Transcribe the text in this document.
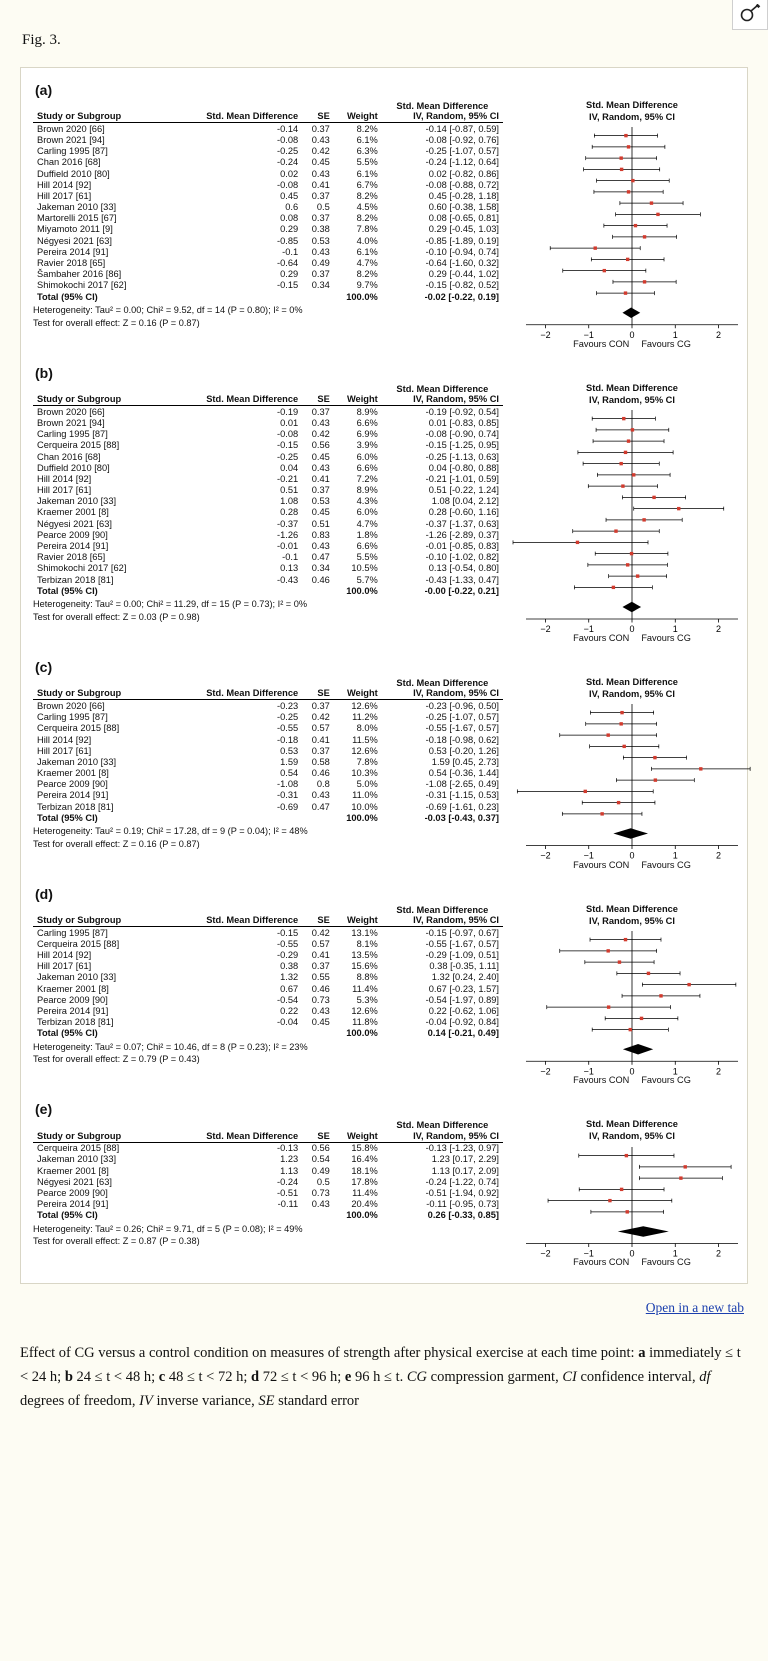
Fig. 3.
(a)
				Std. Mean Difference
Study or Subgroup	Std. Mean Difference	SE	Weight	IV, Random, 95% CI
Brown 2020 [66]	-0.14	0.37	8.2%	-0.14 [-0.87, 0.59]
Brown 2021 [94]	-0.08	0.43	6.1%	-0.08 [-0.92, 0.76]
Carling 1995 [87]	-0.25	0.42	6.3%	-0.25 [-1.07, 0.57]
Chan 2016 [68]	-0.24	0.45	5.5%	-0.24 [-1.12, 0.64]
Duffield 2010 [80]	0.02	0.43	6.1%	0.02 [-0.82, 0.86]
Hill 2014 [92]	-0.08	0.41	6.7%	-0.08 [-0.88, 0.72]
Hill 2017 [61]	0.45	0.37	8.2%	0.45 [-0.28, 1.18]
Jakeman 2010 [33]	0.6	0.5	4.5%	0.60 [-0.38, 1.58]
Martorelli 2015 [67]	0.08	0.37	8.2%	0.08 [-0.65, 0.81]
Miyamoto 2011 [9]	0.29	0.38	7.8%	0.29 [-0.45, 1.03]
Négyesi 2021 [63]	-0.85	0.53	4.0%	-0.85 [-1.89, 0.19]
Pereira 2014 [91]	-0.1	0.43	6.1%	-0.10 [-0.94, 0.74]
Ravier 2018 [65]	-0.64	0.49	4.7%	-0.64 [-1.60, 0.32]
Šambaher 2016 [86]	0.29	0.37	8.2%	0.29 [-0.44, 1.02]
Shimokochi 2017 [62]	-0.15	0.34	9.7%	-0.15 [-0.82, 0.52]
Total (95% CI)			100.0%	-0.02 [-0.22, 0.19]
Heterogeneity: Tau² = 0.00; Chi² = 9.52, df = 14 (P = 0.80); I² = 0%
Test for overall effect: Z = 0.16 (P = 0.87)
Std. Mean Difference
IV, Random, 95% CI
−2	−1	0	1	2
Favours CON Favours CG
(b)
				Std. Mean Difference
Study or Subgroup	Std. Mean Difference	SE	Weight	IV, Random, 95% CI
Brown 2020 [66]	-0.19	0.37	8.9%	-0.19 [-0.92, 0.54]
Brown 2021 [94]	0.01	0.43	6.6%	0.01 [-0.83, 0.85]
Carling 1995 [87]	-0.08	0.42	6.9%	-0.08 [-0.90, 0.74]
Cerqueira 2015 [88]	-0.15	0.56	3.9%	-0.15 [-1.25, 0.95]
Chan 2016 [68]	-0.25	0.45	6.0%	-0.25 [-1.13, 0.63]
Duffield 2010 [80]	0.04	0.43	6.6%	0.04 [-0.80, 0.88]
Hill 2014 [92]	-0.21	0.41	7.2%	-0.21 [-1.01, 0.59]
Hill 2017 [61]	0.51	0.37	8.9%	0.51 [-0.22, 1.24]
Jakeman 2010 [33]	1.08	0.53	4.3%	1.08 [0.04, 2.12]
Kraemer 2001 [8]	0.28	0.45	6.0%	0.28 [-0.60, 1.16]
Négyesi 2021 [63]	-0.37	0.51	4.7%	-0.37 [-1.37, 0.63]
Pearce 2009 [90]	-1.26	0.83	1.8%	-1.26 [-2.89, 0.37]
Pereira 2014 [91]	-0.01	0.43	6.6%	-0.01 [-0.85, 0.83]
Ravier 2018 [65]	-0.1	0.47	5.5%	-0.10 [-1.02, 0.82]
Shimokochi 2017 [62]	0.13	0.34	10.5%	0.13 [-0.54, 0.80]
Terbizan 2018 [81]	-0.43	0.46	5.7%	-0.43 [-1.33, 0.47]
Total (95% CI)			100.0%	-0.00 [-0.22, 0.21]
Heterogeneity: Tau² = 0.00; Chi² = 11.29, df = 15 (P = 0.73); I² = 0%
Test for overall effect: Z = 0.03 (P = 0.98)
Std. Mean Difference
IV, Random, 95% CI
−2	−1	0	1	2
Favours CON Favours CG
(c)
				Std. Mean Difference
Study or Subgroup	Std. Mean Difference	SE	Weight	IV, Random, 95% CI
Brown 2020 [66]	-0.23	0.37	12.6%	-0.23 [-0.96, 0.50]
Carling 1995 [87]	-0.25	0.42	11.2%	-0.25 [-1.07, 0.57]
Cerqueira 2015 [88]	-0.55	0.57	8.0%	-0.55 [-1.67, 0.57]
Hill 2014 [92]	-0.18	0.41	11.5%	-0.18 [-0.98, 0.62]
Hill 2017 [61]	0.53	0.37	12.6%	0.53 [-0.20, 1.26]
Jakeman 2010 [33]	1.59	0.58	7.8%	1.59 [0.45, 2.73]
Kraemer 2001 [8]	0.54	0.46	10.3%	0.54 [-0.36, 1.44]
Pearce 2009 [90]	-1.08	0.8	5.0%	-1.08 [-2.65, 0.49]
Pereira 2014 [91]	-0.31	0.43	11.0%	-0.31 [-1.15, 0.53]
Terbizan 2018 [81]	-0.69	0.47	10.0%	-0.69 [-1.61, 0.23]
Total (95% CI)			100.0%	-0.03 [-0.43, 0.37]
Heterogeneity: Tau² = 0.19; Chi² = 17.28, df = 9 (P = 0.04); I² = 48%
Test for overall effect: Z = 0.16 (P = 0.87)
Std. Mean Difference
IV, Random, 95% CI
−2	−1	0	1	2
Favours CON Favours CG
(d)
				Std. Mean Difference
Study or Subgroup	Std. Mean Difference	SE	Weight	IV, Random, 95% CI
Carling 1995 [87]	-0.15	0.42	13.1%	-0.15 [-0.97, 0.67]
Cerqueira 2015 [88]	-0.55	0.57	8.1%	-0.55 [-1.67, 0.57]
Hill 2014 [92]	-0.29	0.41	13.5%	-0.29 [-1.09, 0.51]
Hill 2017 [61]	0.38	0.37	15.6%	0.38 [-0.35, 1.11]
Jakeman 2010 [33]	1.32	0.55	8.8%	1.32 [0.24, 2.40]
Kraemer 2001 [8]	0.67	0.46	11.4%	0.67 [-0.23, 1.57]
Pearce 2009 [90]	-0.54	0.73	5.3%	-0.54 [-1.97, 0.89]
Pereira 2014 [91]	0.22	0.43	12.6%	0.22 [-0.62, 1.06]
Terbizan 2018 [81]	-0.04	0.45	11.8%	-0.04 [-0.92, 0.84]
Total (95% CI)			100.0%	0.14 [-0.21, 0.49]
Heterogeneity: Tau² = 0.07; Chi² = 10.46, df = 8 (P = 0.23); I² = 23%
Test for overall effect: Z = 0.79 (P = 0.43)
Std. Mean Difference
IV, Random, 95% CI
−2	−1	0	1	2
Favours CON Favours CG
(e)
				Std. Mean Difference
Study or Subgroup	Std. Mean Difference	SE	Weight	IV, Random, 95% CI
Cerqueira 2015 [88]	-0.13	0.56	15.8%	-0.13 [-1.23, 0.97]
Jakeman 2010 [33]	1.23	0.54	16.4%	1.23 [0.17, 2.29]
Kraemer 2001 [8]	1.13	0.49	18.1%	1.13 [0.17, 2.09]
Négyesi 2021 [63]	-0.24	0.5	17.8%	-0.24 [-1.22, 0.74]
Pearce 2009 [90]	-0.51	0.73	11.4%	-0.51 [-1.94, 0.92]
Pereira 2014 [91]	-0.11	0.43	20.4%	-0.11 [-0.95, 0.73]
Total (95% CI)			100.0%	0.26 [-0.33, 0.85]
Heterogeneity: Tau² = 0.26; Chi² = 9.71, df = 5 (P = 0.08); I² = 49%
Test for overall effect: Z = 0.87 (P = 0.38)
Std. Mean Difference
IV, Random, 95% CI
−2	−1	0	1	2
Favours CON Favours CG
Open in a new tab
Effect of CG versus a control condition on measures of strength after physical exercise at each time point: a immediately ≤ t < 24 h; b 24 ≤ t < 48 h; c 48 ≤ t < 72 h; d 72 ≤ t < 96 h; e 96 h ≤ t. CG compression garment, CI confidence interval, df degrees of freedom, IV inverse variance, SE standard error
